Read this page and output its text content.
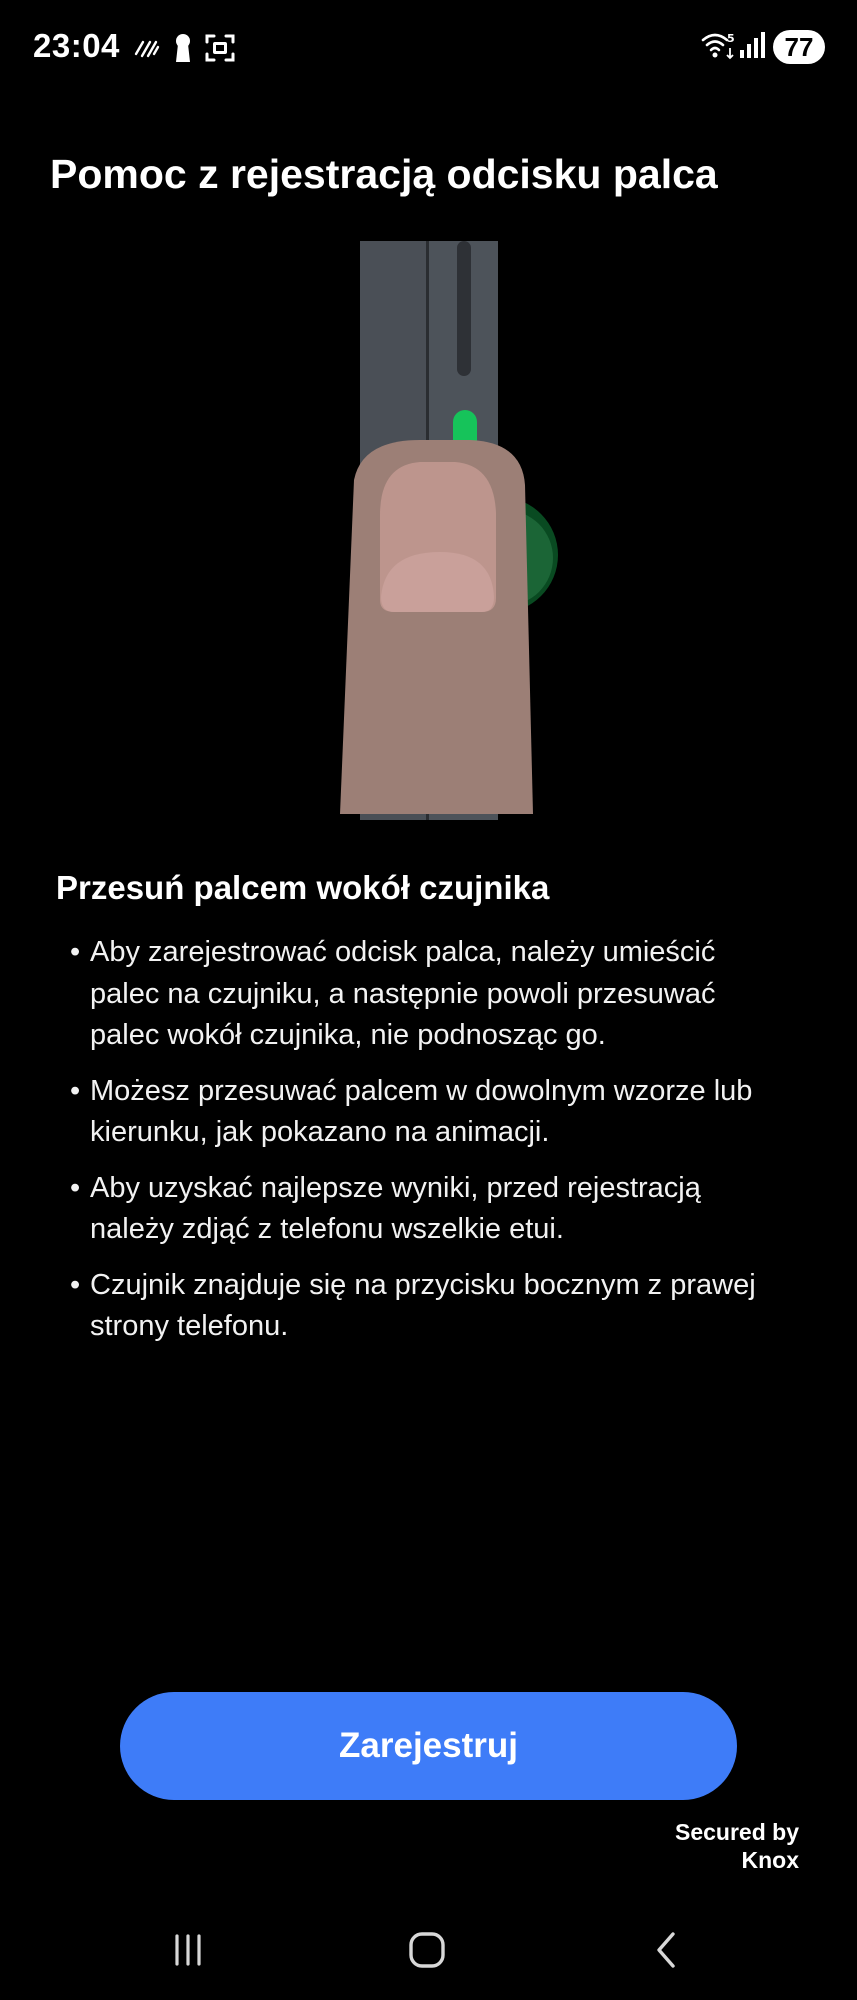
23:04	5	77
Pomoc z rejestracją odcisku palca
Przesuń palcem wokół czujnika
• Aby zarejestrować odcisk palca, należy umieścić palec na czujniku, a następnie powoli przesuwać palec wokół czujnika, nie podnosząc go.
• Możesz przesuwać palcem w dowolnym wzorze lub kierunku, jak pokazano na animacji.
• Aby uzyskać najlepsze wyniki, przed rejestracją należy zdjąć z telefonu wszelkie etui.
• Czujnik znajduje się na przycisku bocznym z prawej strony telefonu.
Zarejestruj
Secured by
Knox
